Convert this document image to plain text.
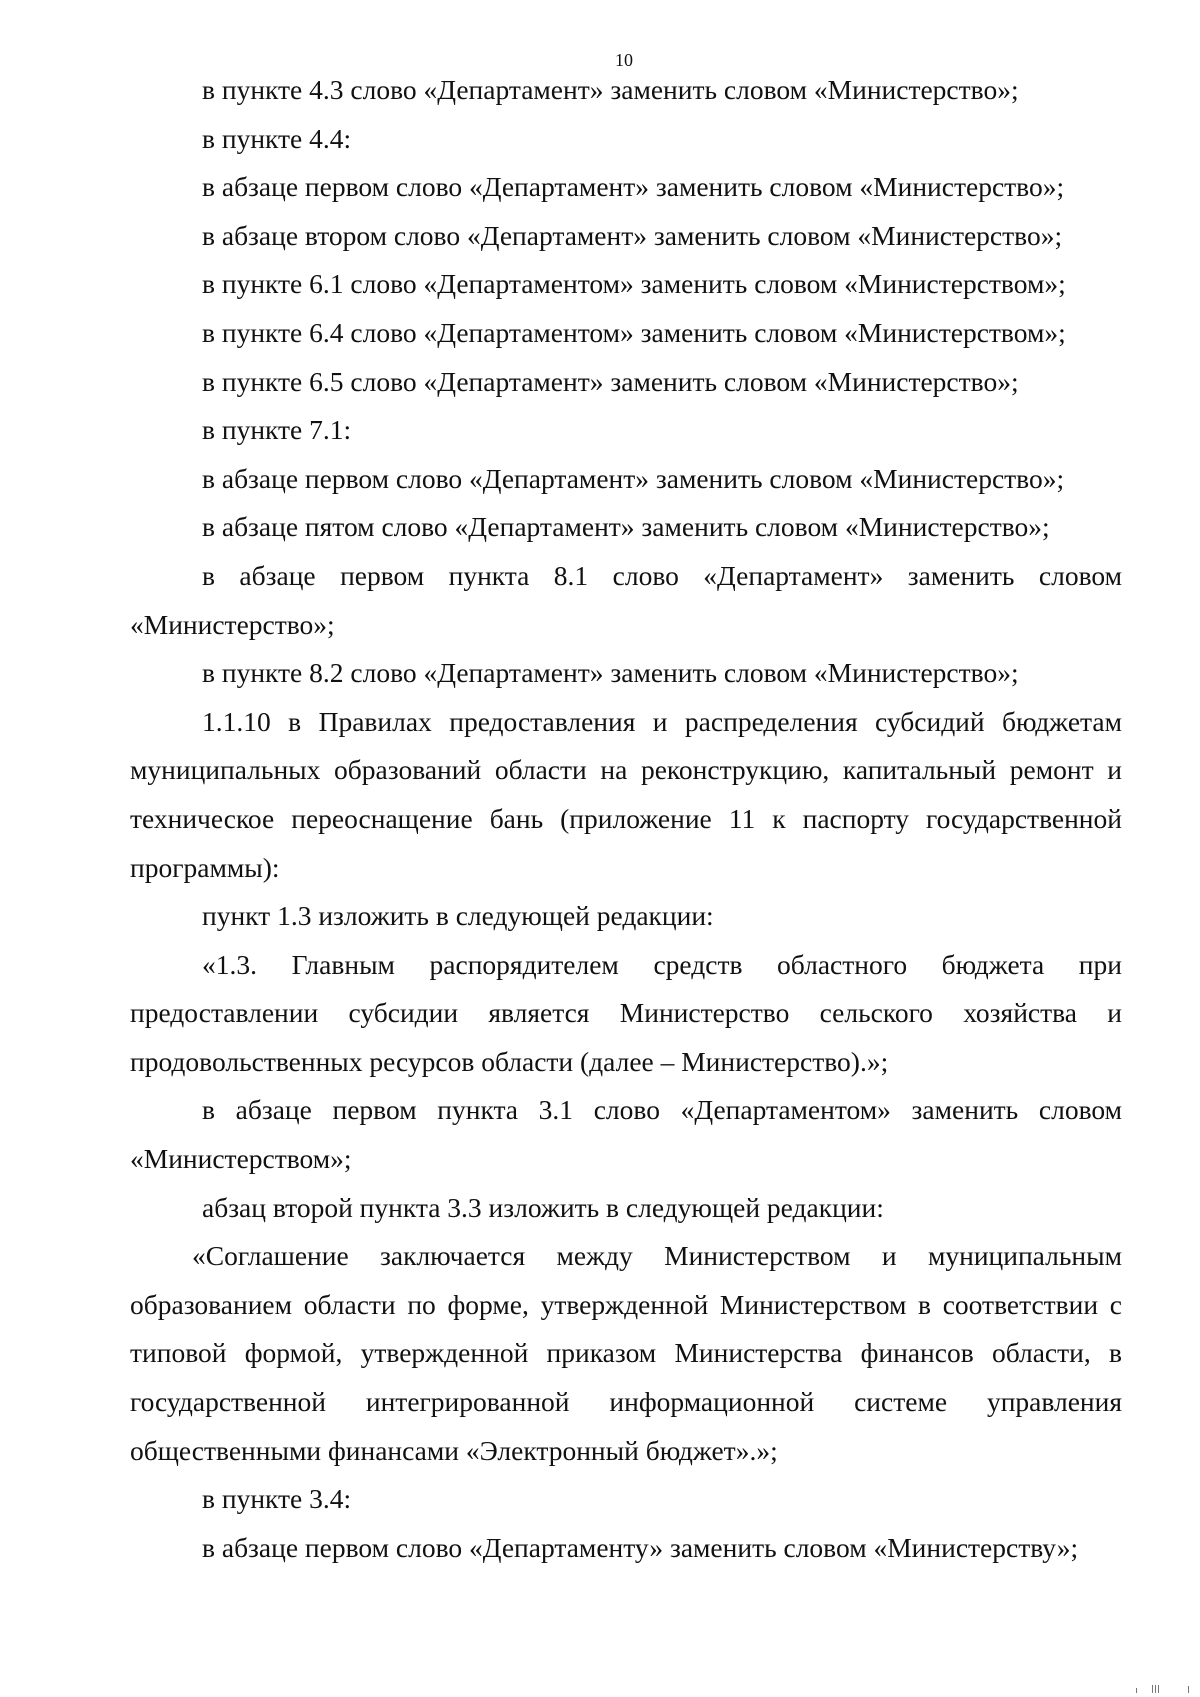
10

в пункте 4.3 слово «Департамент» заменить словом «Министерство»;

в пункте 4.4:

в абзаце первом слово «Департамент» заменить словом «Министерство»;

в абзаце втором слово «Департамент» заменить словом «Министерство»;

в пункте 6.1 слово «Департаментом» заменить словом «Министерством»;

в пункте 6.4 слово «Департаментом» заменить словом «Министерством»;

в пункте 6.5 слово «Департамент» заменить словом «Министерство»;

в пункте 7.1:

в абзаце первом слово «Департамент» заменить словом «Министерство»;

в абзаце пятом слово «Департамент» заменить словом «Министерство»;

в абзаце первом пункта 8.1 слово «Департамент» заменить словом «Министерство»;

в пункте 8.2 слово «Департамент» заменить словом «Министерство»;

1.1.10 в Правилах предоставления и распределения субсидий бюджетам муниципальных образований области на реконструкцию, капитальный ремонт и техническое переоснащение бань (приложение 11 к паспорту государственной программы):

пункт 1.3 изложить в следующей редакции:

«1.3. Главным распорядителем средств областного бюджета при предоставлении субсидии является Министерство сельского хозяйства и продовольственных ресурсов области (далее – Министерство).»;

в абзаце первом пункта 3.1 слово «Департаментом» заменить словом «Министерством»;

абзац второй пункта 3.3 изложить в следующей редакции:

«Соглашение заключается между Министерством и муниципальным образованием области по форме, утвержденной Министерством в соответствии с типовой формой, утвержденной приказом Министерства финансов области, в государственной интегрированной информационной системе управления общественными финансами «Электронный бюджет».»;

в пункте 3.4:

в абзаце первом слово «Департаменту» заменить словом «Министерству»;
